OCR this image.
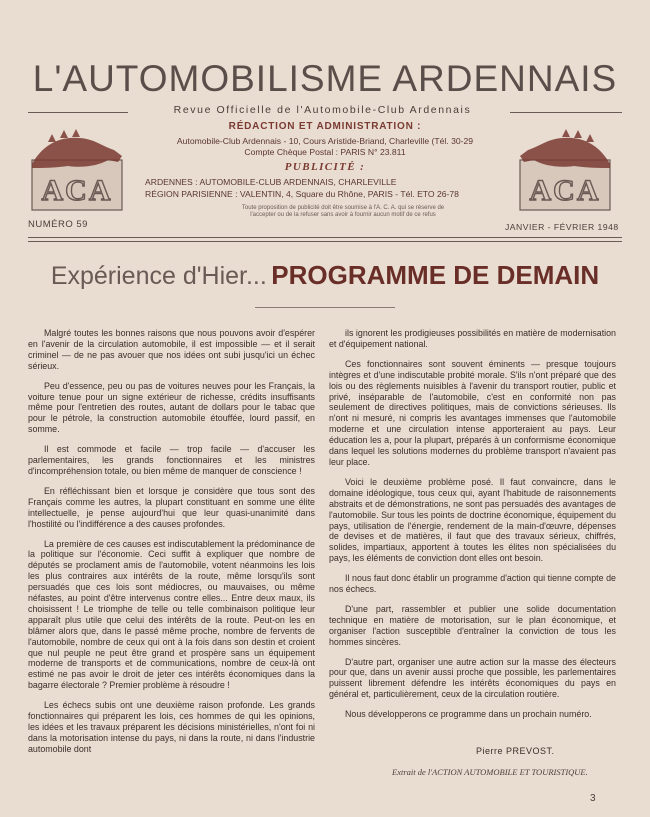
L'AUTOMOBILISME ARDENNAIS
Revue Officielle de l'Automobile-Club Ardennais
RÉDACTION ET ADMINISTRATION :
Automobile-Club Ardennais - 10, Cours Aristide-Briand, Charleville (Tél. 30-29
Compte Chèque Postal : PARIS N° 23.811
PUBLICITÉ :
ARDENNES : AUTOMOBILE-CLUB ARDENNAIS, CHARLEVILLE
RÉGION PARISIENNE : VALENTIN, 4, Square du Rhône, PARIS - Tél. ETO 26-78
Toute proposition de publicité doit être soumise à l'A. C. A. qui se réserve de
l'accepter ou de la refuser sans avoir à fournir aucun motif de ce refus
ACA	ACA
NUMÉRO 59	JANVIER - FÉVRIER 1948
Expérience d'Hier... PROGRAMME DE DEMAIN

Malgré toutes les bonnes raisons que nous pouvons avoir d'espérer en l'avenir de la circulation automobile, il est impossible — et il serait criminel — de ne pas avouer que nos idées ont subi jusqu'ici un échec sérieux.

Peu d'essence, peu ou pas de voitures neuves pour les Français, la voiture tenue pour un signe extérieur de richesse, crédits insuffisants même pour l'entretien des routes, autant de dollars pour le tabac que pour le pétrole, la construction automobile étouffée, lourd passif, en somme.

Il est commode et facile — trop facile — d'accuser les parlementaires, les grands fonctionnaires et les ministres d'incompréhension totale, ou bien même de manquer de conscience !

En réfléchissant bien et lorsque je considère que tous sont des Français comme les autres, la plupart constituant en somme une élite intellectuelle, je pense aujourd'hui que leur quasi-unanimité dans l'hostilité ou l'indifférence a des causes profondes.

La première de ces causes est indiscutablement la prédominance de la politique sur l'économie. Ceci suffit à expliquer que nombre de députés se proclament amis de l'automobile, votent néanmoins les lois les plus contraires aux intérêts de la route, même lorsqu'ils sont persuadés que ces lois sont médiocres, ou mauvaises, ou même néfastes, au point d'être intervenus contre elles... Entre deux maux, ils choisissent ! Le triomphe de telle ou telle combinaison politique leur apparaît plus utile que celui des intérêts de la route. Peut-on les en blâmer alors que, dans le passé même proche, nombre de fervents de l'automobile, nombre de ceux qui ont à la fois dans son destin et croient que nul peuple ne peut être grand et prospère sans un équipement moderne de transports et de communications, nombre de ceux-là ont estimé ne pas avoir le droit de jeter ces intérêts économiques dans la bagarre électorale ? Premier problème à résoudre !

Les échecs subis ont une deuxième raison profonde. Les grands fonctionnaires qui préparent les lois, ces hommes de qui les opinions, les idées et les travaux préparent les décisions ministérielles, n'ont foi ni dans la motorisation intense du pays, ni dans la route, ni dans l'industrie automobile dont

ils ignorent les prodigieuses possibilités en matière de modernisation et d'équipement national.

Ces fonctionnaires sont souvent éminents — presque toujours intègres et d'une indiscutable probité morale. S'ils n'ont préparé que des lois ou des règlements nuisibles à l'avenir du transport routier, public et privé, inséparable de l'automobile, c'est en conformité non pas seulement de directives politiques, mais de convictions sérieuses. Ils n'ont ni mesuré, ni compris les avantages immenses que l'automobile moderne et une circulation intense apporteraient au pays. Leur éducation les a, pour la plupart, préparés à un conformisme économique dans lequel les solutions modernes du problème transport n'avaient pas leur place.

Voici le deuxième problème posé. Il faut convaincre, dans le domaine idéologique, tous ceux qui, ayant l'habitude de raisonnements abstraits et de démonstrations, ne sont pas persuadés des avantages de l'automobile. Sur tous les points de doctrine économique, équipement du pays, utilisation de l'énergie, rendement de la main-d'œuvre, dépenses de devises et de matières, il faut que des travaux sérieux, chiffrés, solides, impartiaux, apportent à toutes les élites non spécialisées du pays, les éléments de conviction dont elles ont besoin.

Il nous faut donc établir un programme d'action qui tienne compte de nos échecs.

D'une part, rassembler et publier une solide documentation technique en matière de motorisation, sur le plan économique, et organiser l'action susceptible d'entraîner la conviction de tous les hommes sincères.

D'autre part, organiser une autre action sur la masse des électeurs pour que, dans un avenir aussi proche que possible, les parlementaires puissent librement défendre les intérêts économiques du pays en général et, particulièrement, ceux de la circulation routière.

Nous développerons ce programme dans un prochain numéro.

Pierre PREVOST.
Extrait de l'ACTION AUTOMOBILE ET TOURISTIQUE.
3
